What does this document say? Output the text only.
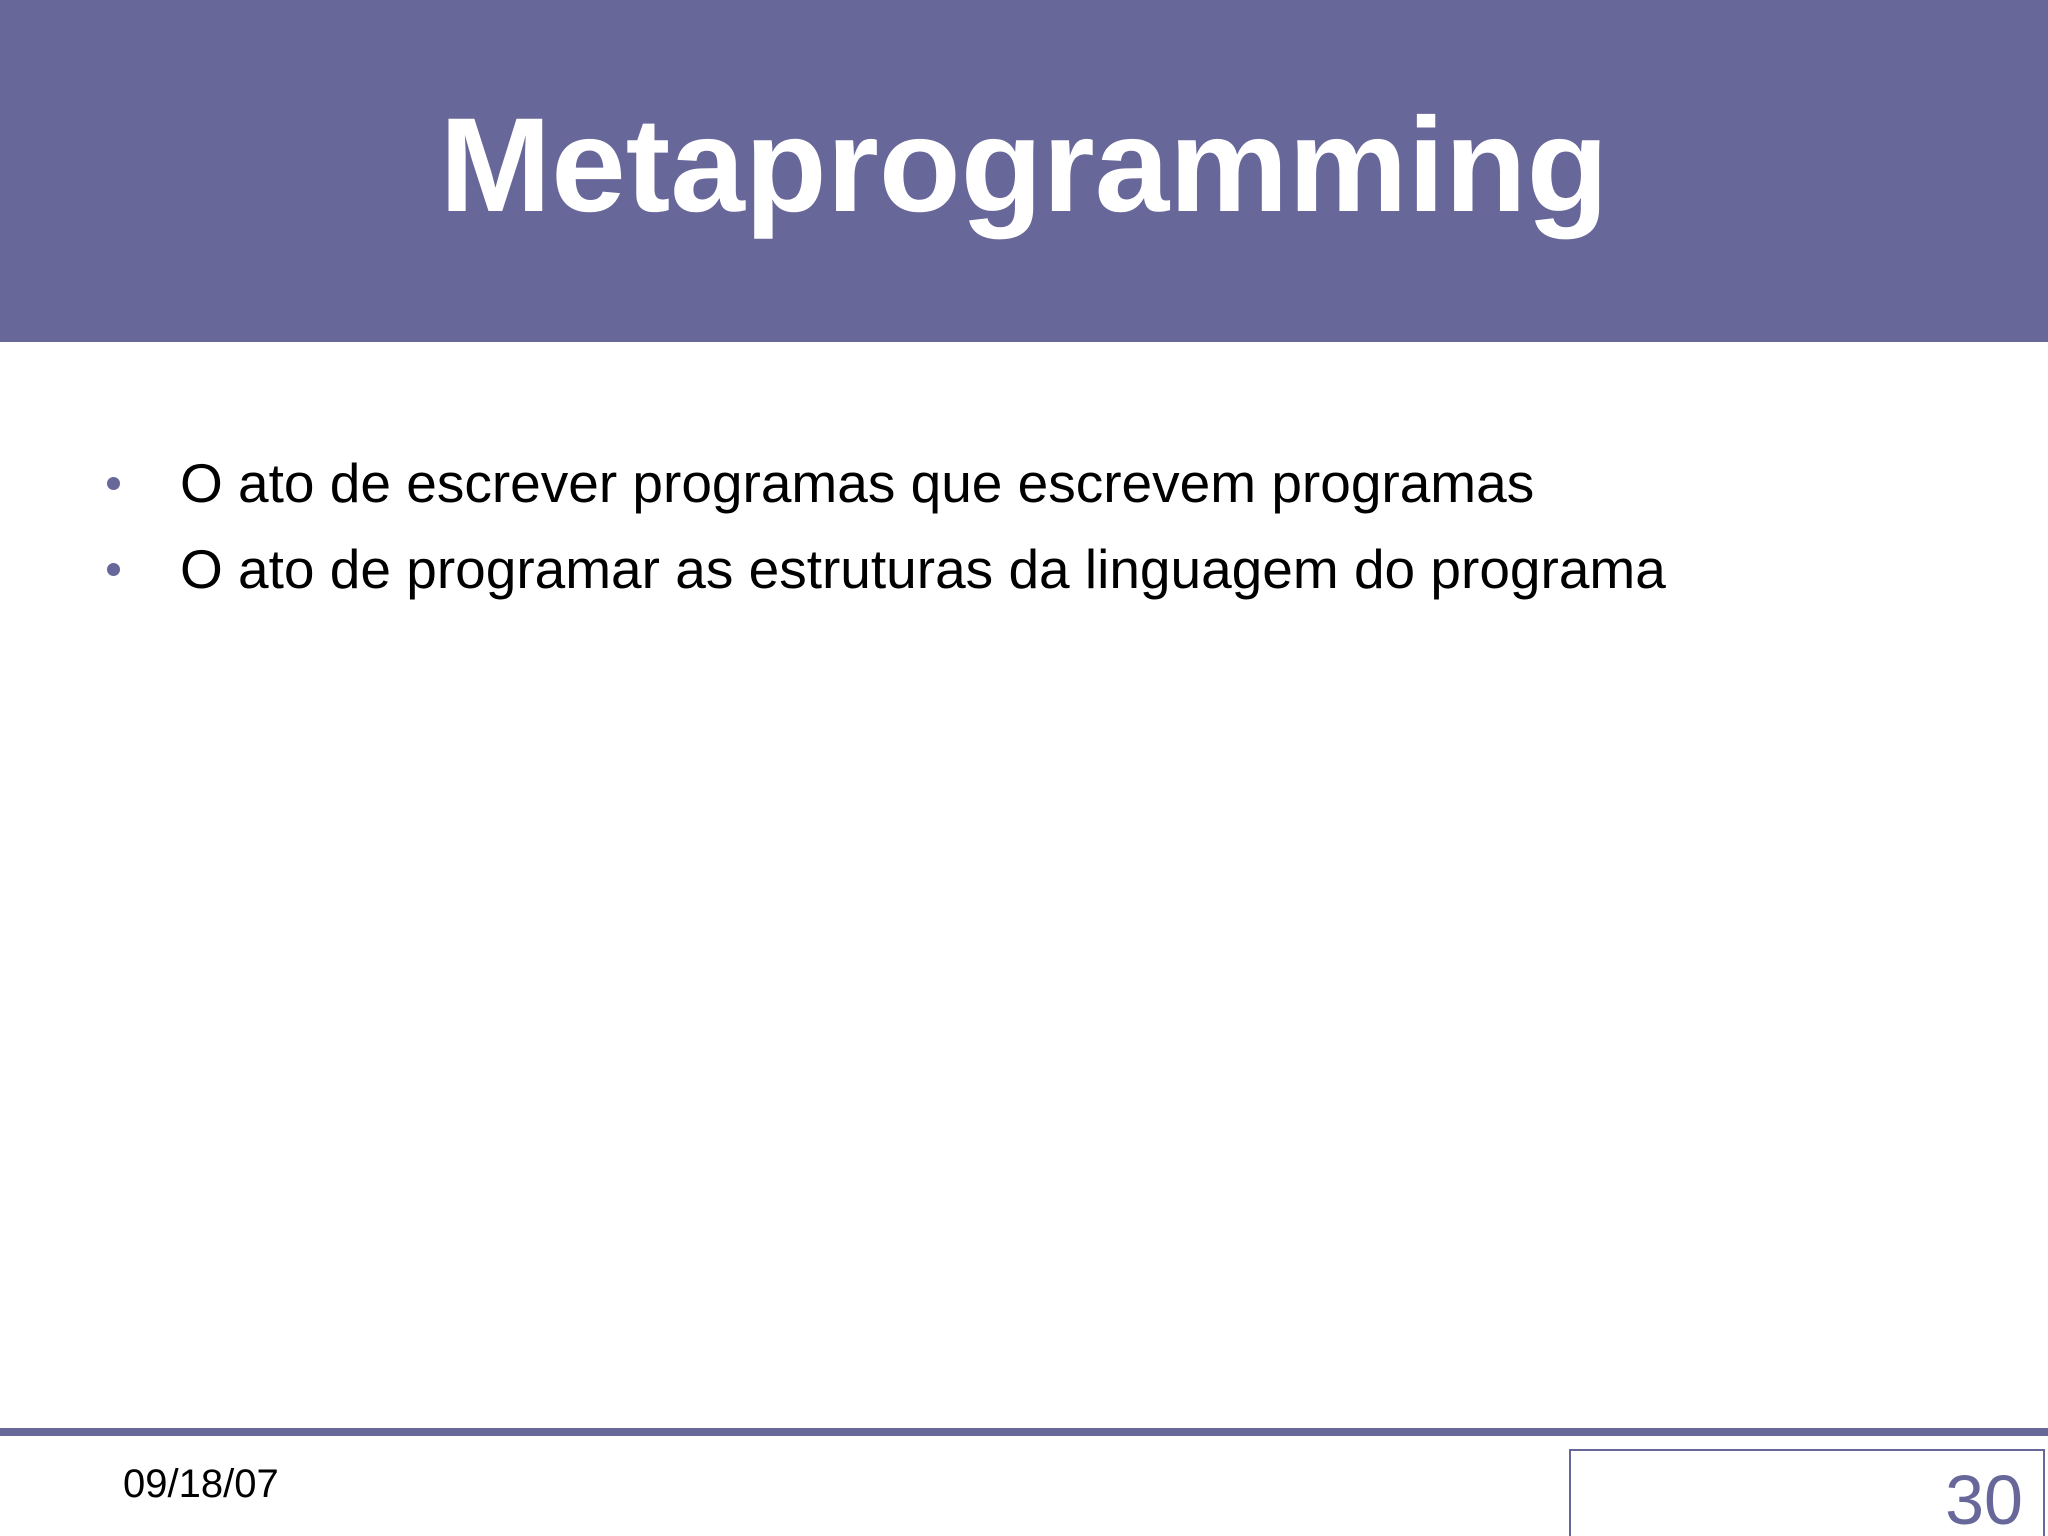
Metaprogramming
O ato de escrever programas que escrevem programas
O ato de programar as estruturas da linguagem do programa
09/18/07	30
